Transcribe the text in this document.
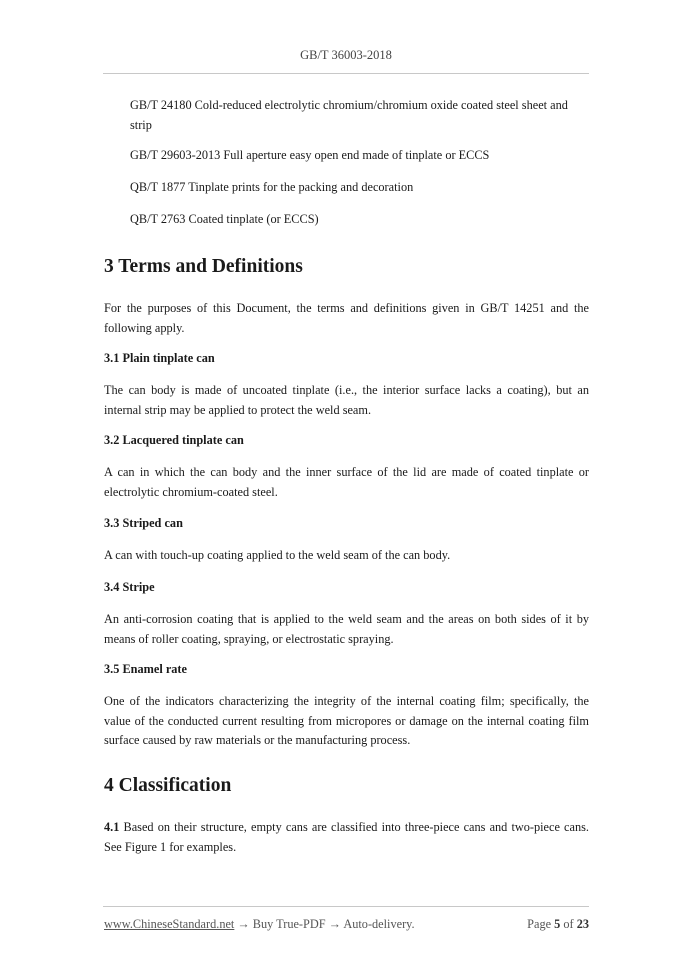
GB/T 36003-2018

GB/T 24180 Cold-reduced electrolytic chromium/chromium oxide coated steel sheet and strip

GB/T 29603-2013 Full aperture easy open end made of tinplate or ECCS

QB/T 1877 Tinplate prints for the packing and decoration

QB/T 2763 Coated tinplate (or ECCS)

3 Terms and Definitions

For the purposes of this Document, the terms and definitions given in GB/T 14251 and the following apply.

3.1 Plain tinplate can

The can body is made of uncoated tinplate (i.e., the interior surface lacks a coating), but an internal strip may be applied to protect the weld seam.

3.2 Lacquered tinplate can

A can in which the can body and the inner surface of the lid are made of coated tinplate or electrolytic chromium-coated steel.

3.3 Striped can

A can with touch-up coating applied to the weld seam of the can body.

3.4 Stripe

An anti-corrosion coating that is applied to the weld seam and the areas on both sides of it by means of roller coating, spraying, or electrostatic spraying.

3.5 Enamel rate

One of the indicators characterizing the integrity of the internal coating film; specifically, the value of the conducted current resulting from micropores or damage on the internal coating film surface caused by raw materials or the manufacturing process.

4 Classification

4.1 Based on their structure, empty cans are classified into three-piece cans and two-piece cans. See Figure 1 for examples.

www.ChineseStandard.net → Buy True-PDF → Auto-delivery.	Page 5 of 23
